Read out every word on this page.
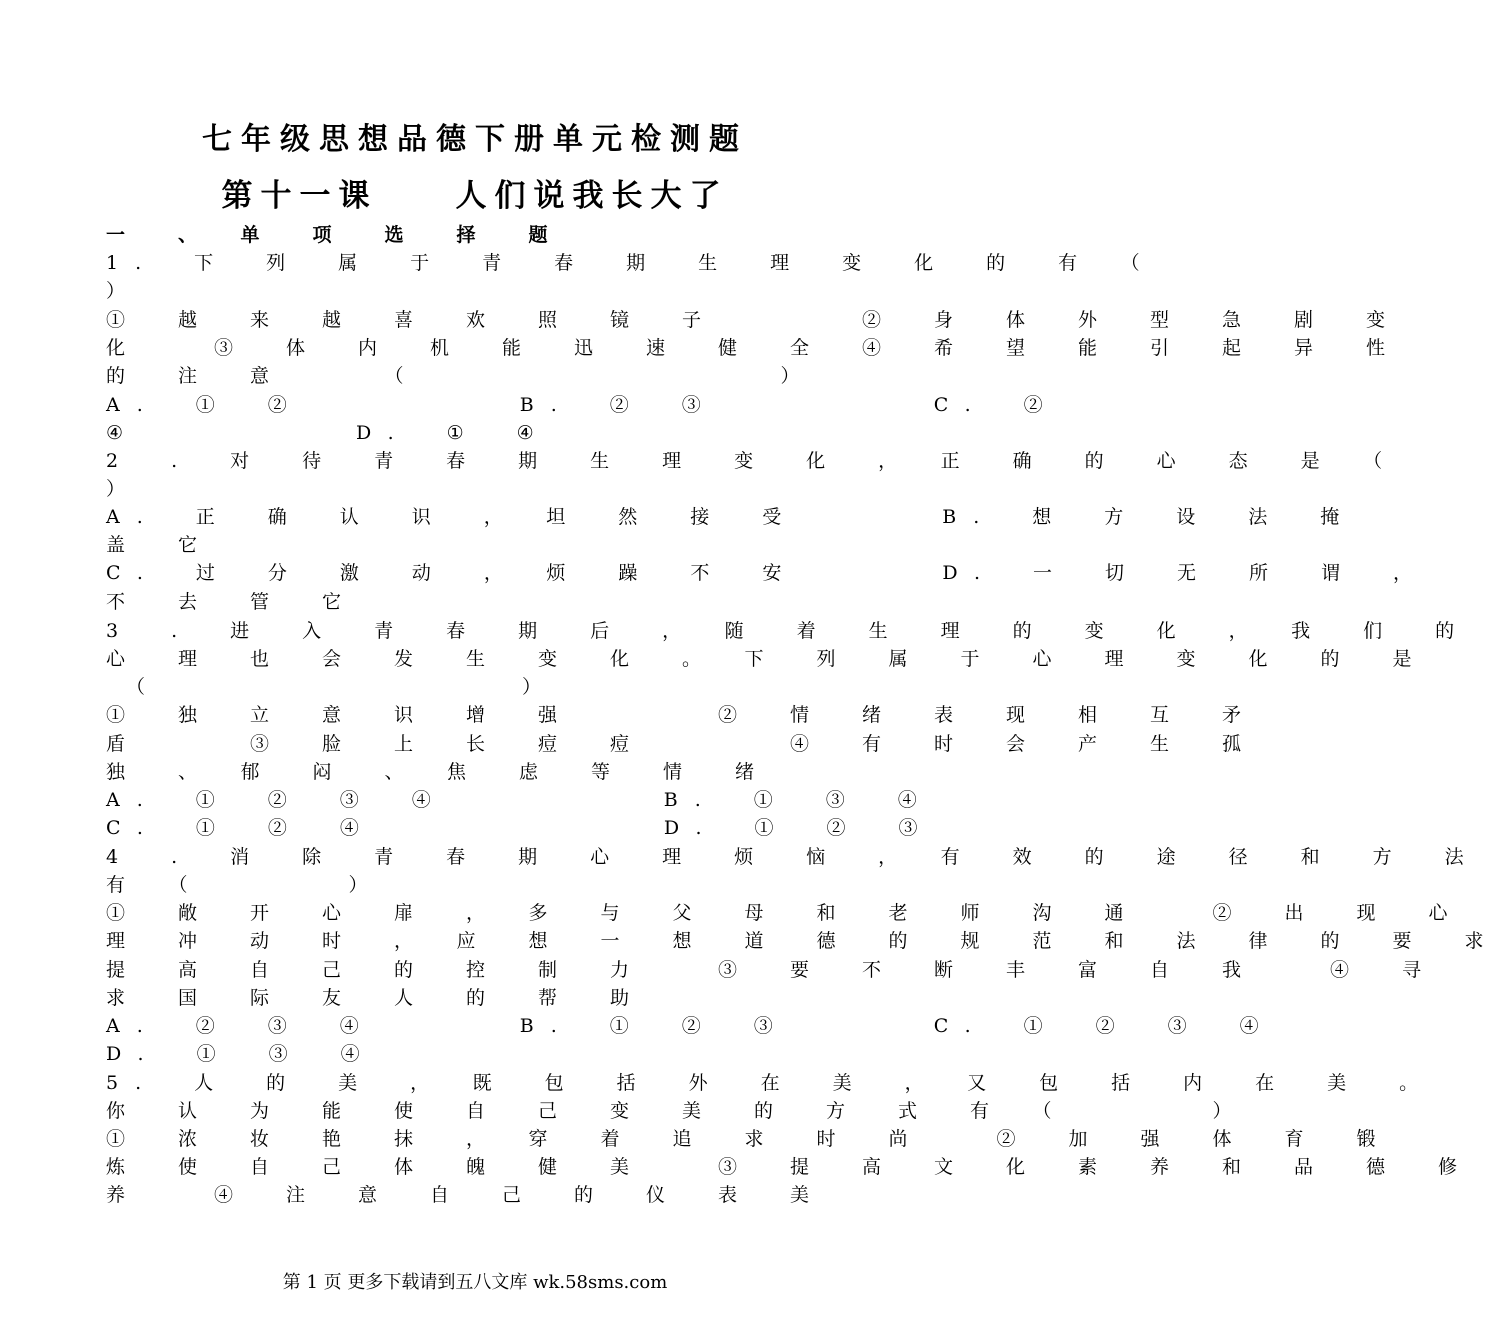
七年级思想品德下册单元检测题
第十一课　　人们说我长大了
一　、　单　项　选　择　题
1.　下　列　属　于　青　春　期　生　理　变　化　的　有　（
）
①　越　来　越　喜　欢　照　镜　子　　　　②　身　体　外　型　急　剧　变
化　　③　体　内　机　能　迅　速　健　全　④　希　望　能　引　起　异　性
的　注　意　　　（　　　　　　　　　　）
A.　①　②　　　　　　B.　②　③　　　　　　C.　②
④　　　　　　D.　①　④
2　.　对　待　青　春　期　生　理　变　化　，　正　确　的　心　态　是　（
）
A.　正　确　认　识　，　坦　然　接　受　　　　B.　想　方　设　法　掩
盖　它
C.　过　分　激　动　，　烦　躁　不　安　　　　D.　一　切　无　所　谓　，
不　去　管　它
3　.　进　入　青　春　期　后　，　随　着　生　理　的　变　化　，　我　们　的
心　理　也　会　发　生　变　化　。　下　列　属　于　心　理　变　化　的　是
（　　　　　　　　　　）
①　独　立　意　识　增　强　　　　②　情　绪　表　现　相　互　矛
盾　　　③　脸　上　长　痘　痘　　　　④　有　时　会　产　生　孤
独　、　郁　闷　、　焦　虑　等　情　绪
A.　①　②　③　④　　　　　　B.　①　③　④
C.　①　②　④　　　　　　　　D.　①　②　③
4　.　消　除　青　春　期　心　理　烦　恼　，　有　效　的　途　径　和　方　法
有　（　　　　）
①　敞　开　心　扉　，　多　与　父　母　和　老　师　沟　通　　②　出　现　心
理　冲　动　时　，　应　想　一　想　道　德　的　规　范　和　法　律　的　要　求
提　高　自　己　的　控　制　力　　③　要　不　断　丰　富　自　我　　④　寻
求　国　际　友　人　的　帮　助
A.　②　③　④　　　　B.　①　②　③　　　　C.　①　②　③　④
D.　①　③　④
5.　人　的　美　，　既　包　括　外　在　美　，　又　包　括　内　在　美　。
你　认　为　能　使　自　己　变　美　的　方　式　有　（　　　　）
①　浓　妆　艳　抹　，　穿　着　追　求　时　尚　　②　加　强　体　育　锻
炼　使　自　己　体　魄　健　美　　③　提　高　文　化　素　养　和　品　德　修
养　　④　注　意　自　己　的　仪　表　美
第 1 页 更多下载请到五八文库 wk.58sms.com
